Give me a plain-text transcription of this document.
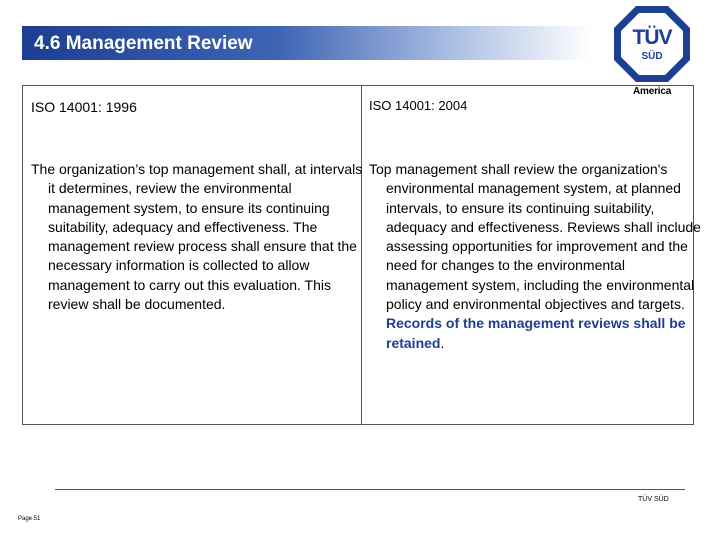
4.6 Management Review	TÜV
SÜD
America
ISO 14001: 1996
The organization’s top management shall, at intervals it determines, review the environmental management system, to ensure its continuing suitability, adequacy and effectiveness. The management review process shall ensure that the necessary information is collected to allow management to carry out this evaluation. This review shall be documented.
ISO 14001: 2004
Top management shall review the organization's environmental management system, at planned intervals, to ensure its continuing suitability, adequacy and effectiveness. Reviews shall include assessing opportunities for improvement and the need for changes to the environmental management system, including the environmental policy and environmental objectives and targets. Records of the management reviews shall be retained.
TÜV SÜD
Page 51
